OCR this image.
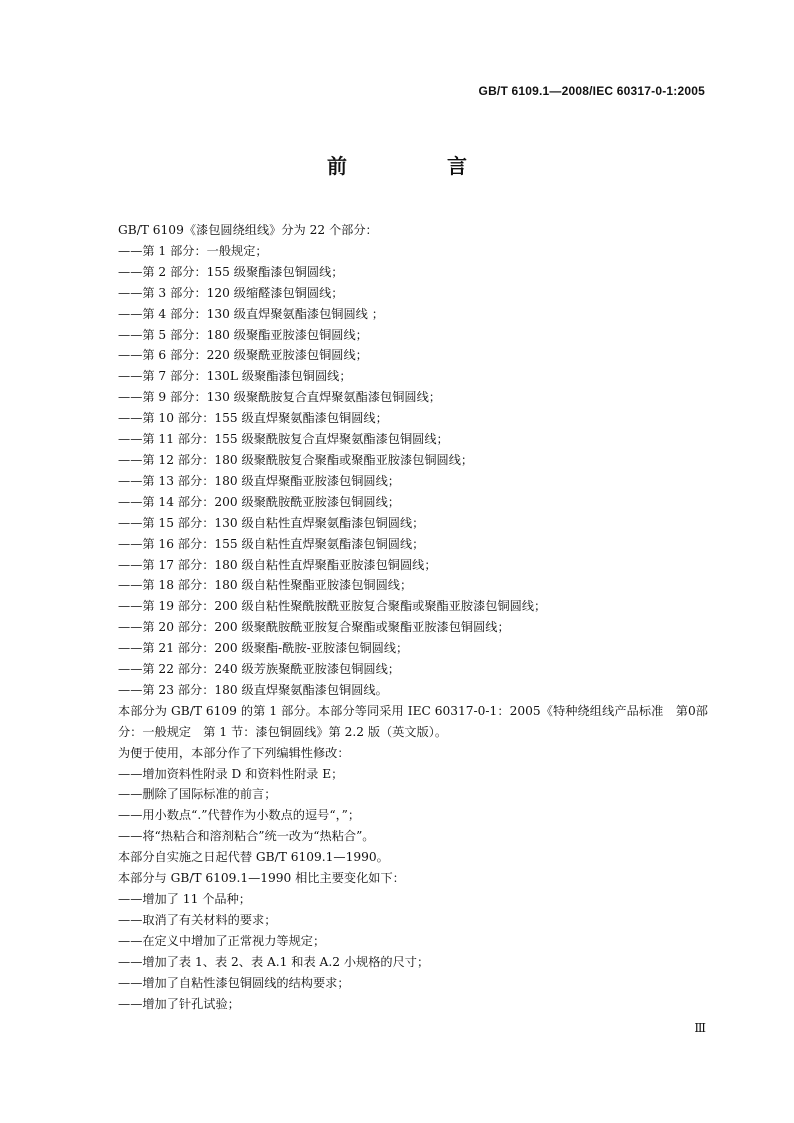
GB/T 6109.1—2008/IEC 60317-0-1:2005
前　言
GB/T 6109《漆包圆绕组线》分为 22 个部分：
——第 1 部分：一般规定；
——第 2 部分：155 级聚酯漆包铜圆线；
——第 3 部分：120 级缩醛漆包铜圆线；
——第 4 部分：130 级直焊聚氨酯漆包铜圆线 ；
——第 5 部分：180 级聚酯亚胺漆包铜圆线；
——第 6 部分：220 级聚酰亚胺漆包铜圆线；
——第 7 部分：130L 级聚酯漆包铜圆线；
——第 9 部分：130 级聚酰胺复合直焊聚氨酯漆包铜圆线；
——第 10 部分：155 级直焊聚氨酯漆包铜圆线；
——第 11 部分：155 级聚酰胺复合直焊聚氨酯漆包铜圆线；
——第 12 部分：180 级聚酰胺复合聚酯或聚酯亚胺漆包铜圆线；
——第 13 部分：180 级直焊聚酯亚胺漆包铜圆线；
——第 14 部分：200 级聚酰胺酰亚胺漆包铜圆线；
——第 15 部分：130 级自粘性直焊聚氨酯漆包铜圆线；
——第 16 部分：155 级自粘性直焊聚氨酯漆包铜圆线；
——第 17 部分：180 级自粘性直焊聚酯亚胺漆包铜圆线；
——第 18 部分：180 级自粘性聚酯亚胺漆包铜圆线；
——第 19 部分：200 级自粘性聚酰胺酰亚胺复合聚酯或聚酯亚胺漆包铜圆线；
——第 20 部分：200 级聚酰胺酰亚胺复合聚酯或聚酯亚胺漆包铜圆线；
——第 21 部分：200 级聚酯-酰胺-亚胺漆包铜圆线；
——第 22 部分：240 级芳族聚酰亚胺漆包铜圆线；
——第 23 部分：180 级直焊聚氨酯漆包铜圆线。
本部分为 GB/T 6109 的第 1 部分。本部分等同采用 IEC 60317-0-1：2005《特种绕组线产品标准　第0部分：一般规定　第 1 节：漆包铜圆线》第 2.2 版（英文版）。
为便于使用，本部分作了下列编辑性修改：
——增加资料性附录 D 和资料性附录 E；
——删除了国际标准的前言；
——用小数点“.”代替作为小数点的逗号“，”；
——将“热粘合和溶剂粘合”统一改为“热粘合”。
本部分自实施之日起代替 GB/T 6109.1—1990。
本部分与 GB/T 6109.1—1990 相比主要变化如下：
——增加了 11 个品种；
——取消了有关材料的要求；
——在定义中增加了正常视力等规定；
——增加了表 1、表 2、表 A.1 和表 A.2 小规格的尺寸；
——增加了自粘性漆包铜圆线的结构要求；
——增加了针孔试验；
Ⅲ
